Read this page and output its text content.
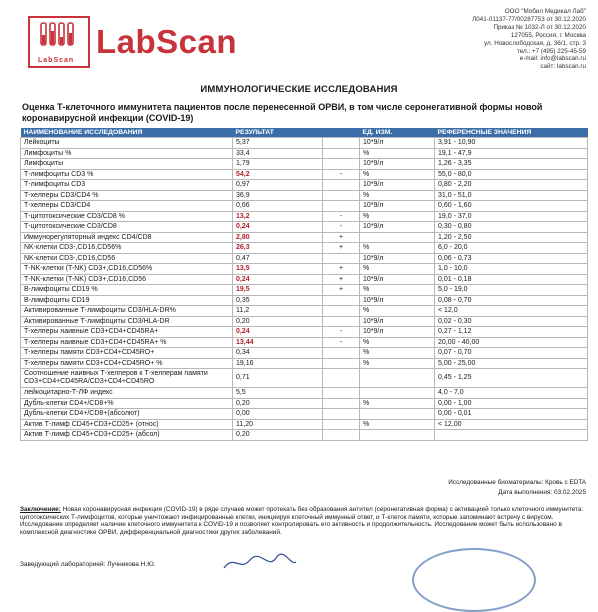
LabScan
LabScan
ООО "Мобил Медикал Лаб"
Л041-01137-77/00287753 от 30.12.2020
Приказ № 1032-Л от 30.12.2020
127055, Россия, г. Москва
ул. Новослободская, д. 36/1, стр. 3
тел.: +7 (495) 225-45-59
e-mail: info@labscan.ru
сайт: labscan.ru
ИММУНОЛОГИЧЕСКИЕ ИССЛЕДОВАНИЯ
Оценка Т-клеточного иммунитета пациентов после перенесенной ОРВИ, в том числе серонегативной формы новой коронавирусной инфекции (COVID-19)
НАИМЕНОВАНИЕ ИССЛЕДОВАНИЯ	РЕЗУЛЬТАТ		ЕД. ИЗМ.	РЕФЕРЕНСНЫЕ ЗНАЧЕНИЯ
Лейкоциты	5,37		10*9/л	3,91 - 10,90
Лимфоциты %	33,4		%	19,1 - 47,9
Лимфоциты	1,79		10*9/л	1,26 - 3,35
Т-лимфоциты CD3 %	54,2	-	%	55,0 - 80,0
Т-лимфоциты CD3	0,97		10*9/л	0,80 - 2,20
Т-хелперы CD3/CD4 %	36,9		%	31,0 - 51,0
Т-хелперы CD3/CD4	0,66		10*9/л	0,60 - 1,60
Т-цитотоксические CD3/CD8 %	13,2	-	%	19,0 - 37,0
Т-цитотоксические CD3/CD8	0,24	-	10*9/л	0,30 - 0,80
Иммунорегуляторный индекс CD4/CD8	2,80	+		1,20 - 2,50
NK-клетки CD3-,CD16,CD56%	26,3	+	%	6,0 - 20,0
NK-клетки CD3-,CD16,CD56	0,47		10*9/л	0,06 - 0,73
Т-NK-клетки (T-NK) CD3+,CD16,CD56%	13,5	+	%	1,0 - 10,0
Т-NK-клетки (T-NK) CD3+,CD16,CD56	0,24	+	10*9/л	0,01 - 0,18
В-лимфоциты CD19 %	19,5	+	%	5,0 - 19,0
В-лимфоциты CD19	0,35		10*9/л	0,08 - 0,70
Активированные Т-лимфоциты CD3/HLA-DR%	11,2		%	< 12,0
Активированные Т-лимфоциты CD3/HLA-DR	0,20		10*9/л	0,02 - 0,30
Т-хелперы наивные CD3+CD4+CD45RA+	0,24	-	10*9/л	0,27 - 1,12
Т-хелперы наивные CD3+CD4+CD45RA+ %	13,44	-	%	20,00 - 40,00
Т-хелперы памяти CD3+CD4+CD45RO+	0,34		%	0,07 - 0,70
Т-хелперы памяти CD3+CD4+CD45RO+ %	19,16		%	5,00 - 25,00
Соотношение наивных Т-хелперов к Т-хелперам памяти CD3+CD4+CD45RA/CD3+CD4+CD45RO	0,71			0,45 - 1,25
лейкоцитарно-Т-ЛФ индекс	5,5			4,0 - 7,0
Дубль-клетки CD4+/CD8+%	0,20		%	0,00 - 1,00
Дубль-клетки CD4+/CD8+(абсолют)	0,00			0,00 - 0,01
Актив Т-лимф CD45+CD3+CD25+ (относ)	11,20		%	< 12,00
Актив Т-лимф CD45+CD3+CD25+ (абсол)	0,20			
Исследованные биоматериалы: Кровь с EDTA
Дата выполнения: 03.02.2025
Заключение: Новая коронавирусная инфекция (COVID-19) в ряде случаев может протекать без образования антител (серонегативная форма) с активацией только клеточного иммунитета: цитотоксических Т-лимфоцитов, которые уничтожают инфицированные клетки, инициируя клеточный иммунный ответ, и Т-клеток памяти, которые запоминают встречу с вирусом. Исследование определяет наличие клеточного иммунитета к COVID-19 и позволяет контролировать его активность и продолжительность. Исследование может быть использовано в комплексной диагностике ОРВИ, дифференциальной диагностики других заболеваний.
Заведующий лабораторией: Лучникова Н.Ю.
